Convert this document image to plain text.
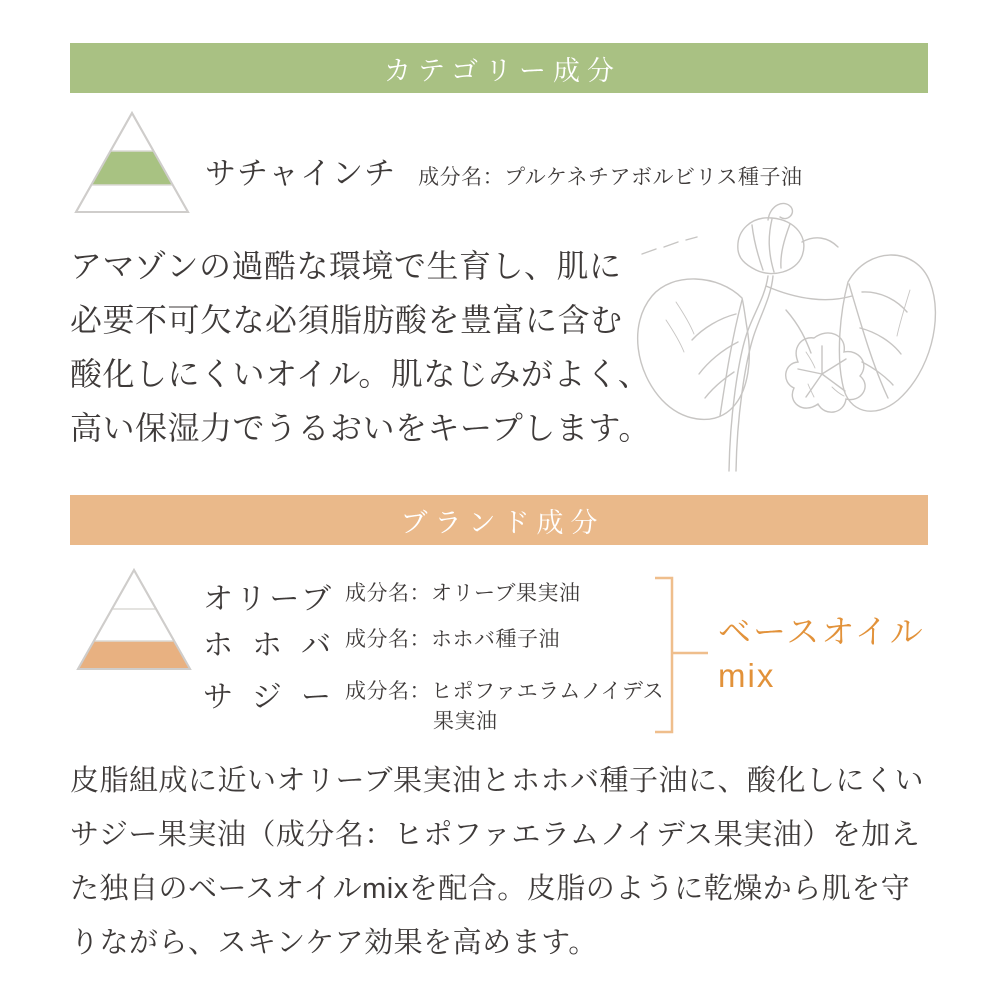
カテゴリー成分
サチャインチ 成分名：プルケネチアボルビリス種子油
アマゾンの過酷な環境で生育し、肌に
必要不可欠な必須脂肪酸を豊富に含む
酸化しにくいオイル。肌なじみがよく、
高い保湿力でうるおいをキープします。
ブランド成分
オリーブ 成分名：オリーブ果実油
ホホバ 成分名：ホホバ種子油
サジー 成分名：ヒポファエラムノイデス
果実油
ベースオイル
mix
皮脂組成に近いオリーブ果実油とホホバ種子油に、酸化しにくい
サジー果実油（成分名：ヒポファエラムノイデス果実油）を加え
た独自のベースオイルmixを配合。皮脂のように乾燥から肌を守
りながら、スキンケア効果を高めます。
